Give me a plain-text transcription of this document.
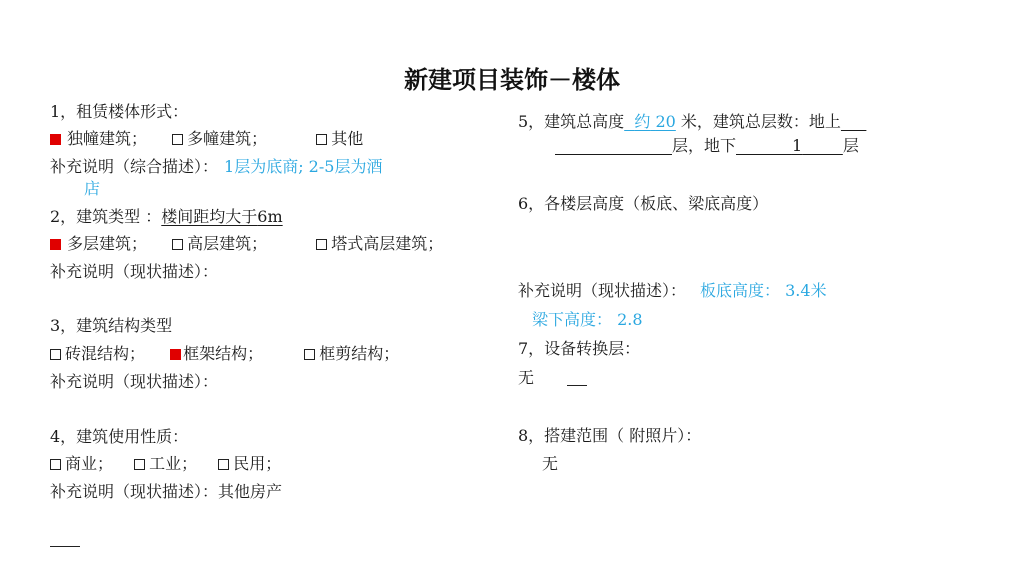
新建项目装饰－楼体
1，租赁楼体形式：
独幢建筑；	多幢建筑；	其他
补充说明（综合描述）： 1层为底商; 2-5层为酒
店
2，建筑类型 ：楼间距均大于6m
多层建筑；	高层建筑；	塔式高层建筑；
补充说明（现状描述）：
3，建筑结构类型
砖混结构； 框架结构；	框剪结构；
补充说明（现状描述）：
4，建筑使用性质：
商业； 工业； 民用；
补充说明（现状描述）：其他房产
5，建筑总高度 约 20 米，建筑总层数：地上
层，地下	1	层
6，各楼层高度（板底、梁底高度）
补充说明（现状描述）： 板底高度： 3.4米
梁下高度： 2.8
7，设备转换层：
无
8，搭建范围（ 附照片）：
无
